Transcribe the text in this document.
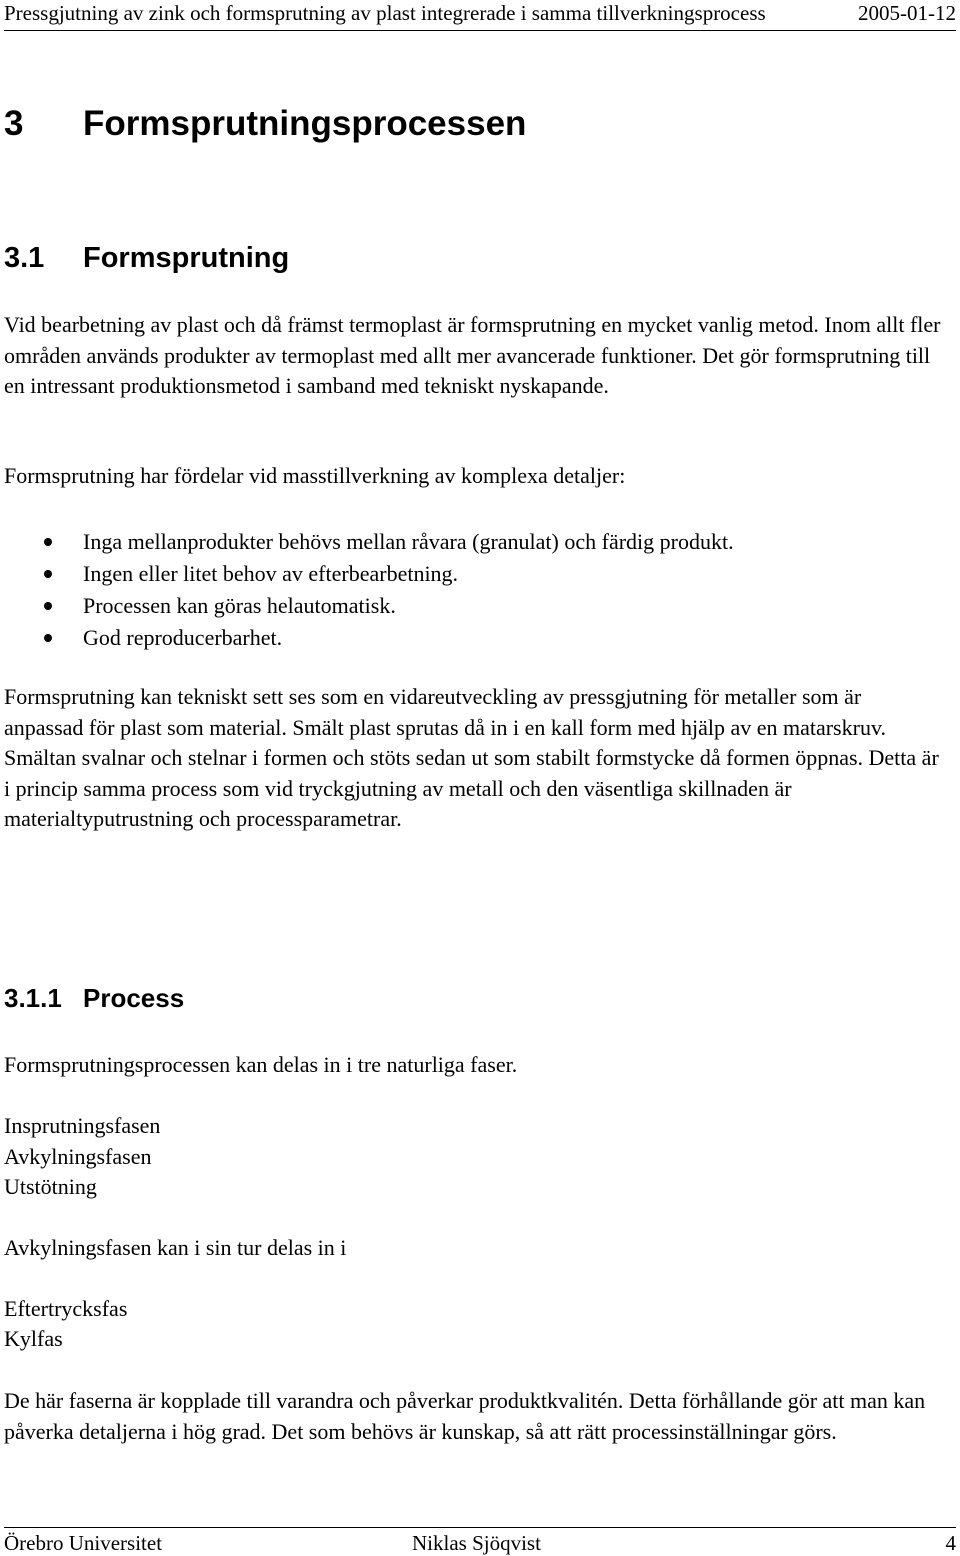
Pressgjutning av zink och formsprutning av plast integrerade i samma tillverkningsprocess	2005-01-12
3 Formsprutningsprocessen
3.1 Formsprutning

Vid bearbetning av plast och då främst termoplast är formsprutning en mycket vanlig metod. Inom allt fler områden används produkter av termoplast med allt mer avancerade funktioner. Det gör formsprutning till en intressant produktionsmetod i samband med tekniskt nyskapande.

Formsprutning har fördelar vid masstillverkning av komplexa detaljer:

Inga mellanprodukter behövs mellan råvara (granulat) och färdig produkt.
Ingen eller litet behov av efterbearbetning.
Processen kan göras helautomatisk.
God reproducerbarhet.

Formsprutning kan tekniskt sett ses som en vidareutveckling av pressgjutning för metaller som är anpassad för plast som material. Smält plast sprutas då in i en kall form med hjälp av en matarskruv. Smältan svalnar och stelnar i formen och stöts sedan ut som stabilt formstycke då formen öppnas. Detta är i princip samma process som vid tryckgjutning av metall och den väsentliga skillnaden är materialtyputrustning och processparametrar.

3.1.1 Process

Formsprutningsprocessen kan delas in i tre naturliga faser.

Insprutningsfasen

Avkylningsfasen

Utstötning

Avkylningsfasen kan i sin tur delas in i

Eftertrycksfas

Kylfas

De här faserna är kopplade till varandra och påverkar produktkvalitén. Detta förhållande gör att man kan påverka detaljerna i hög grad. Det som behövs är kunskap, så att rätt processinställningar görs.

Örebro Universitet	Niklas Sjöqvist	4
